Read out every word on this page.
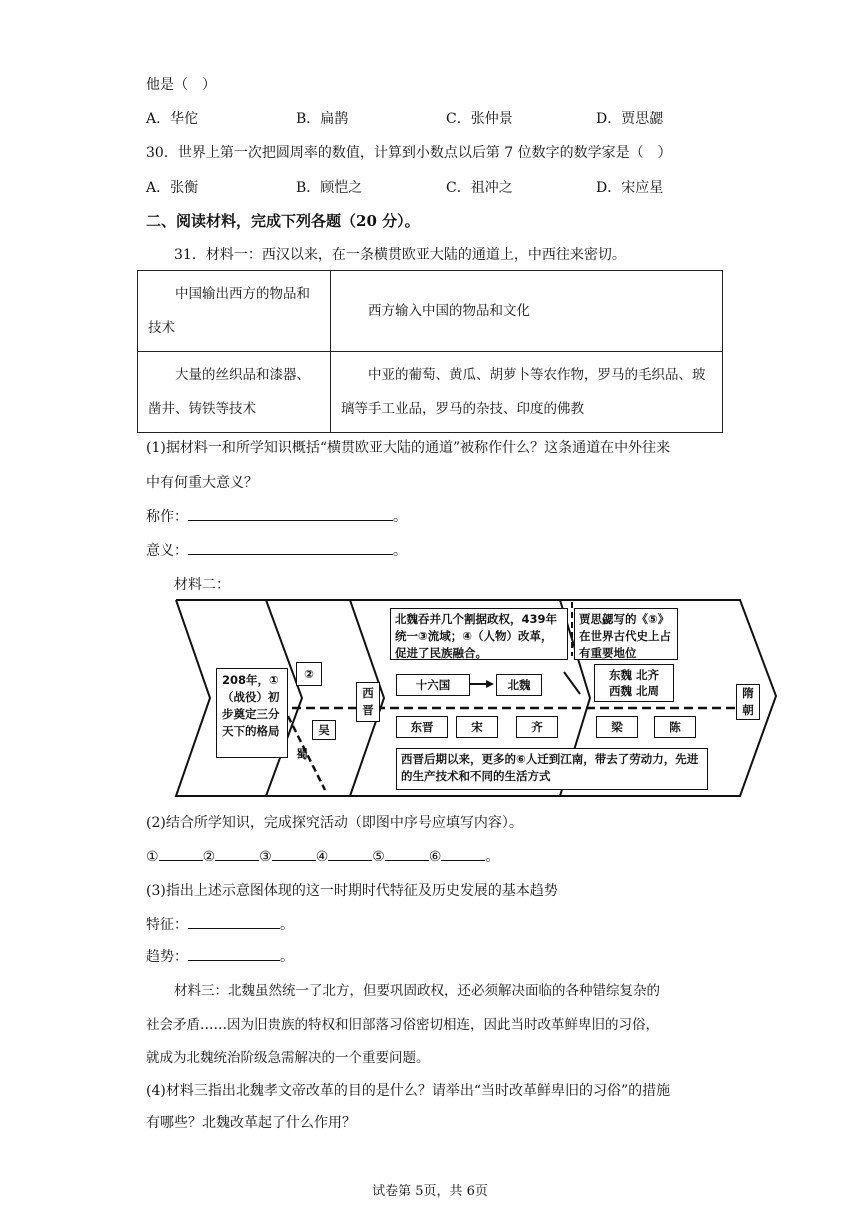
他是（　）
A．华佗	B．扁鹊	C．张仲景	D．贾思勰
30．世界上第一次把圆周率的数值，计算到小数点以后第 7 位数字的数学家是（　）
A．张衡	B．顾恺之	C．祖冲之	D．宋应星
二、阅读材料，完成下列各题（20 分）。
31．材料一：西汉以来，在一条横贯欧亚大陆的通道上，中西往来密切。
中国输出西方的物品和技术	西方输入中国的物品和文化
大量的丝织品和漆器、凿井、铸铁等技术	中亚的葡萄、黄瓜、胡萝卜等农作物，罗马的毛织品、玻璃等手工业品，罗马的杂技、印度的佛教
(1)据材料一和所学知识概括“横贯欧亚大陆的通道”被称作什么？这条通道在中外往来
中有何重大意义？
称作：	。
意义：	。
材料二：
208年，①（战役）初步奠定三分天下的格局
②
吴
蜀
西晋
北魏吞并几个割据政权，439年统一③流域；④（人物）改革，促进了民族融合。
贾思勰写的《⑤》在世界古代史上占有重要地位
十六国	北魏
东魏 北齐
西魏 北周	隋朝
东晋	宋	齐	梁	陈
西晋后期以来，更多的⑥人迁到江南，带去了劳动力，先进的生产技术和不同的生活方式
(2)结合所学知识，完成探究活动（即图中序号应填写内容）。
①	②	③	④	⑤	⑥	。
(3)指出上述示意图体现的这一时期时代特征及历史发展的基本趋势
特征：	。
趋势：	。
材料三：北魏虽然统一了北方，但要巩固政权，还必须解决面临的各种错综复杂的
社会矛盾……因为旧贵族的特权和旧部落习俗密切相连，因此当时改革鲜卑旧的习俗，
就成为北魏统治阶级急需解决的一个重要问题。
(4)材料三指出北魏孝文帝改革的目的是什么？请举出“当时改革鲜卑旧的习俗”的措施
有哪些？北魏改革起了什么作用？
试卷第 5页，共 6页
